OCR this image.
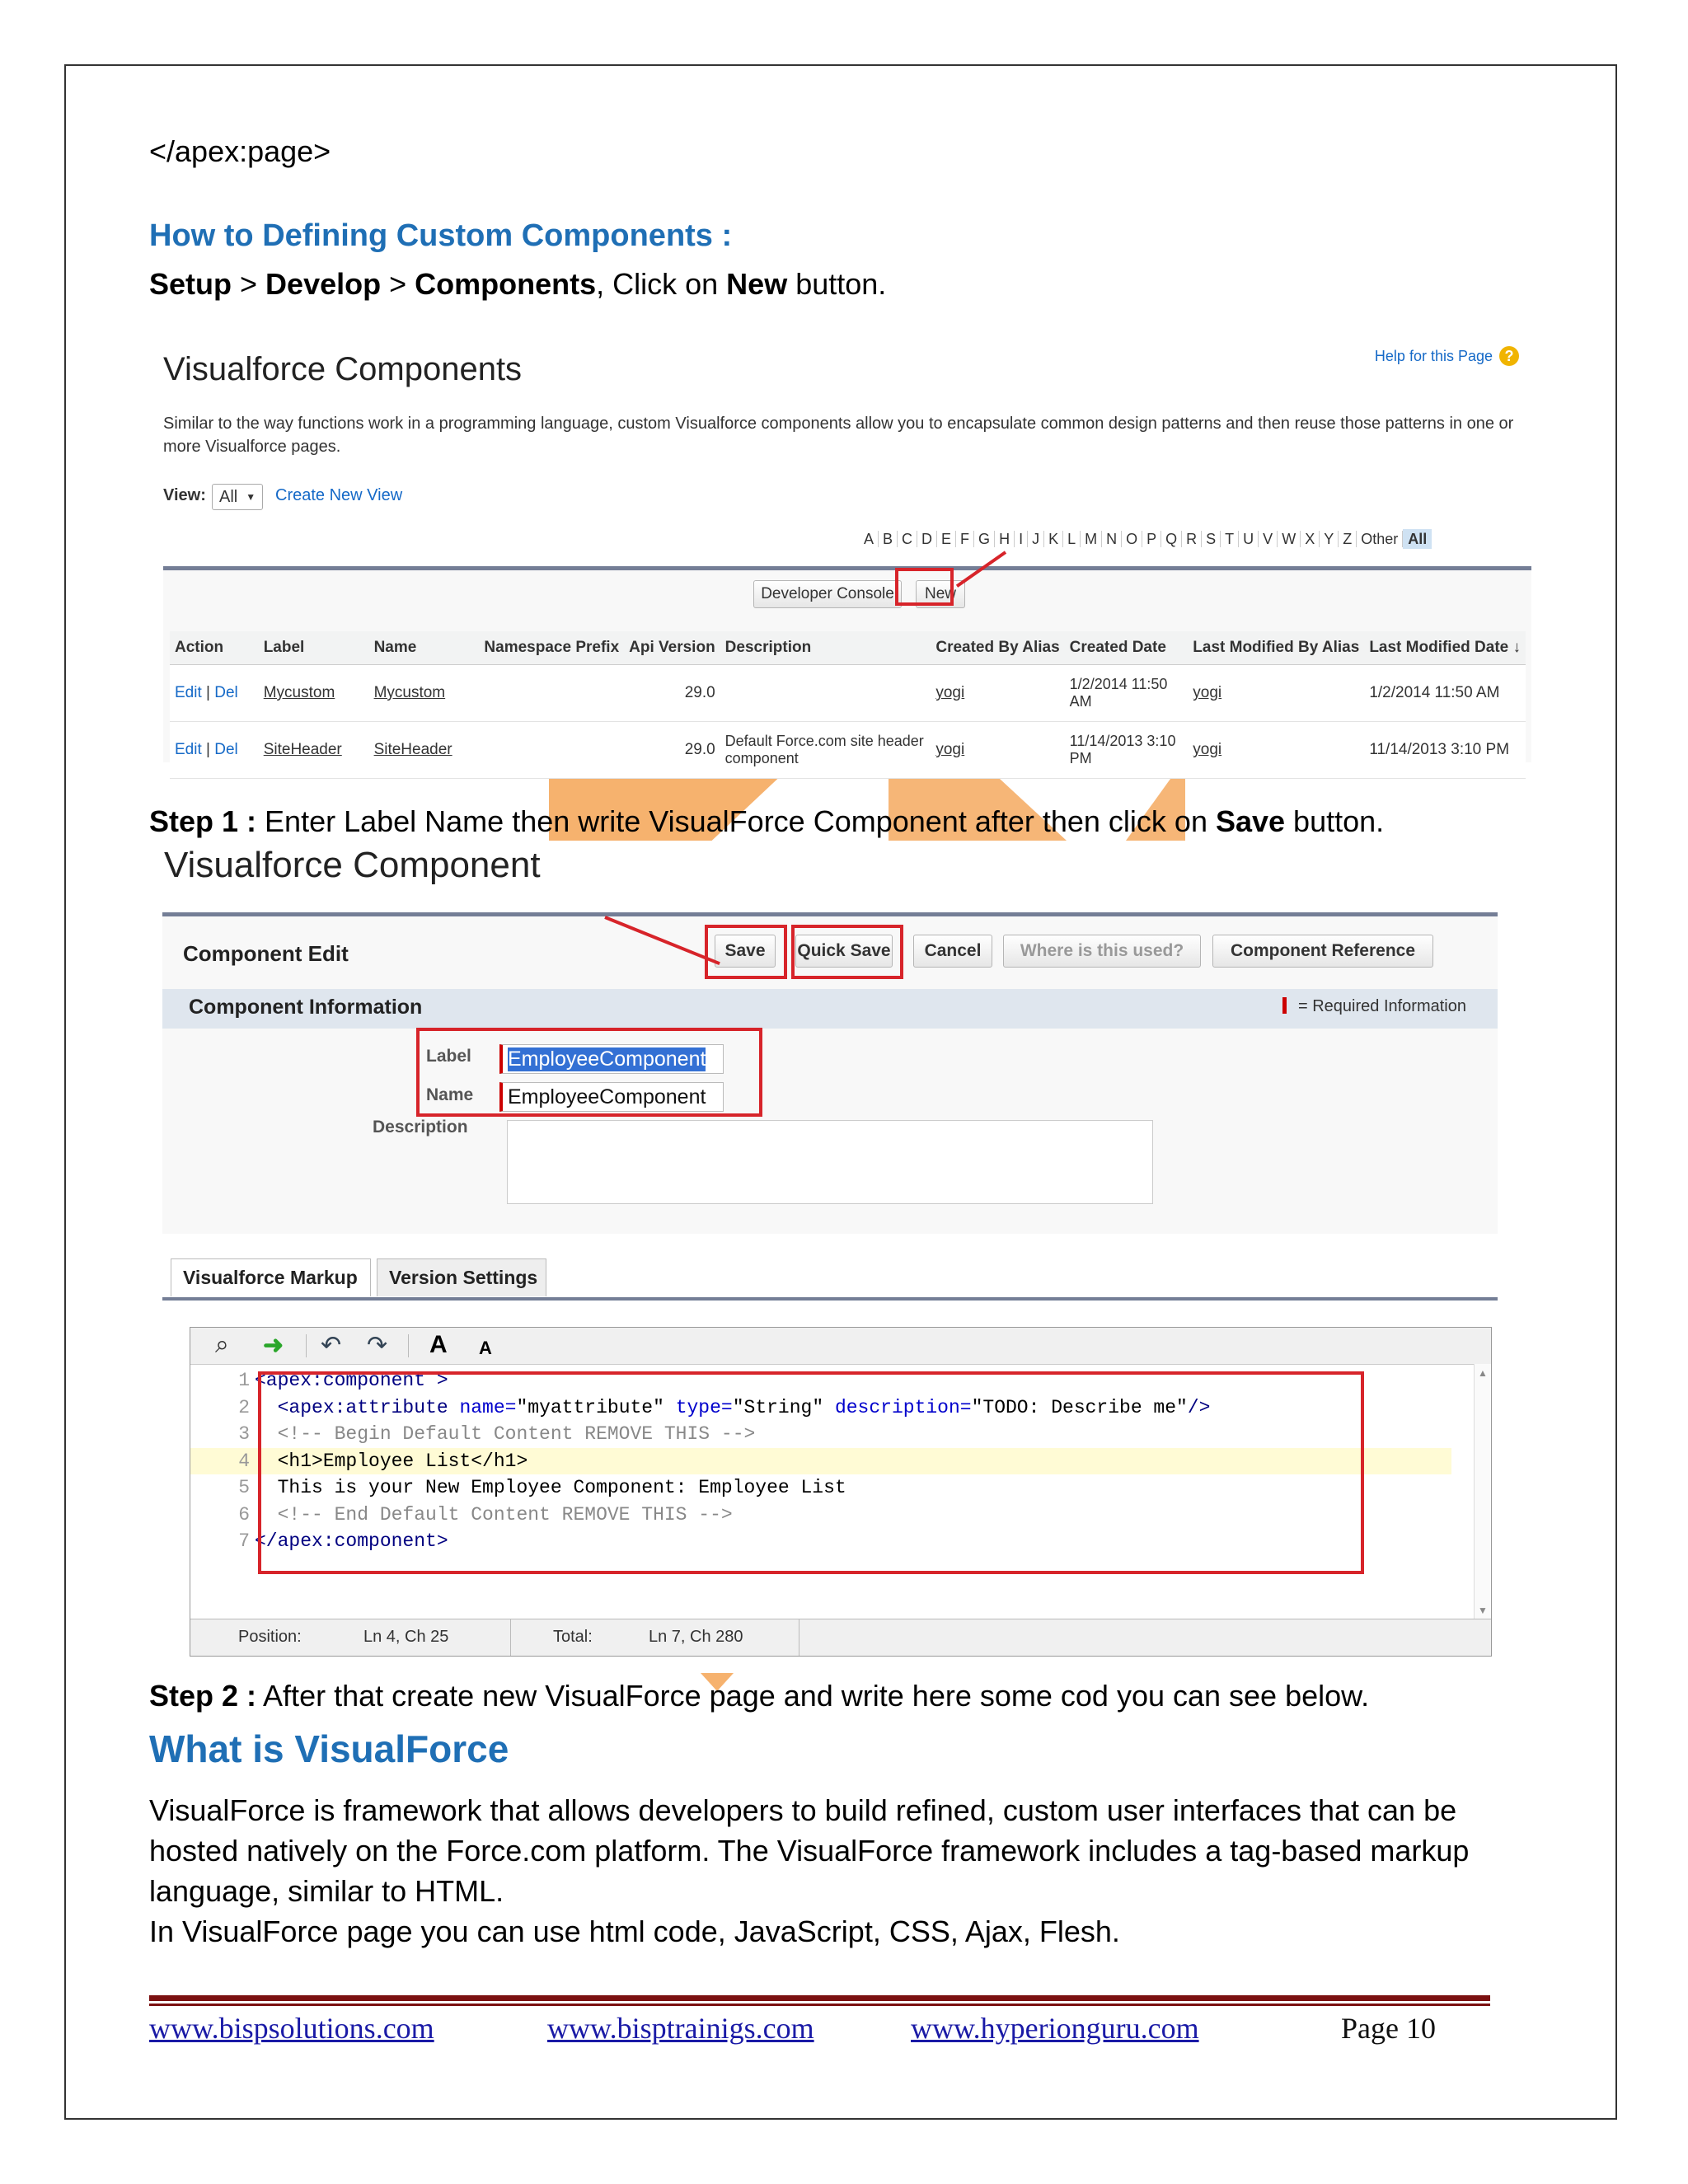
</apex:page>
How to Defining Custom Components :
Setup > Develop > Components, Click on New button.
Visualforce Components	Help for this Page ?
Similar to the way functions work in a programming language, custom Visualforce components allow you to encapsulate common design patterns and then reuse those patterns in one or more Visualforce pages.
View: All ▼ Create New View
A B C D E F G H I J K L M N O P Q R S T U V W X Y Z Other All
Developer Console	New
Action	Label	Name	Namespace Prefix	Api Version	Description	Created By Alias	Created Date	Last Modified By Alias	Last Modified Date ↓
Edit | Del	Mycustom	Mycustom		29.0		yogi	1/2/2014 11:50 AM	yogi	1/2/2014 11:50 AM
Edit | Del	SiteHeader	SiteHeader		29.0	Default Force.com site header component	yogi	11/14/2013 3:10 PM	yogi	11/14/2013 3:10 PM
Step 1 : Enter Label Name then write VisualForce Component after then click on Save button.
Visualforce Component
Component Edit	Save	Quick Save	Cancel	Where is this used?	Component Reference
Component Information	= Required Information
Label EmployeeComponent
Name EmployeeComponent
Description
Visualforce Markup	Version Settings
⌕ ➜ ↶ ↷ A A
1 <apex:component >
2  <apex:attribute name="myattribute" type="String" description="TODO: Describe me"/>
3  <!-- Begin Default Content REMOVE THIS -->
4  <h1>Employee List</h1>
5  This is your New Employee Component: Employee List
6  <!-- End Default Content REMOVE THIS -->
7 </apex:component>
▲
▼
Position:	Ln 4, Ch 25	Total:	Ln 7, Ch 280
Step 2 : After that create new VisualForce page and write here some cod you can see below.
What is VisualForce
VisualForce is framework that allows developers to build refined, custom user interfaces that can be hosted natively on the Force.com platform. The VisualForce framework includes a tag-based markup language, similar to HTML.
In VisualForce page you can use html code, JavaScript, CSS, Ajax, Flesh.
www.bispsolutions.com	www.bisptrainigs.com	www.hyperionguru.com	Page 10
